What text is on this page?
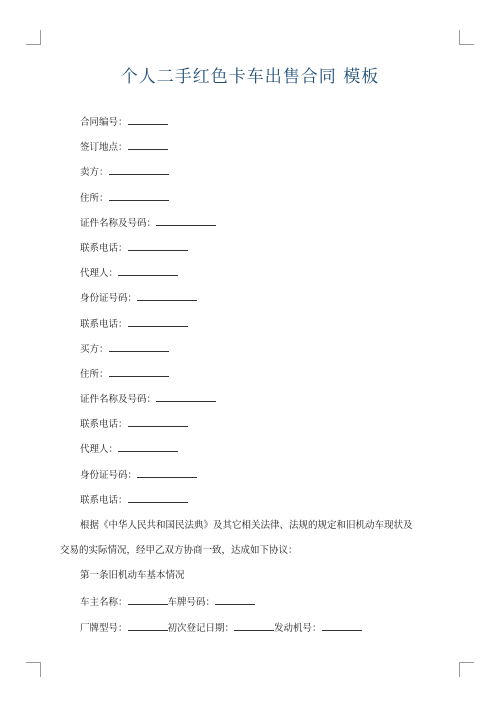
个人二手红色卡车出售合同 模板
合同编号：
签订地点：
卖方：
住所：
证件名称及号码：
联系电话：
代理人：
身份证号码：
联系电话：
买方：
住所：
证件名称及号码：
联系电话：
代理人：
身份证号码：
联系电话：
根据《中华人民共和国民法典》及其它相关法律、法规的规定和旧机动车现状及
交易的实际情况，经甲乙双方协商一致，达成如下协议：
第一条旧机动车基本情况
车主名称：	车牌号码：
厂牌型号：	初次登记日期：	发动机号：
